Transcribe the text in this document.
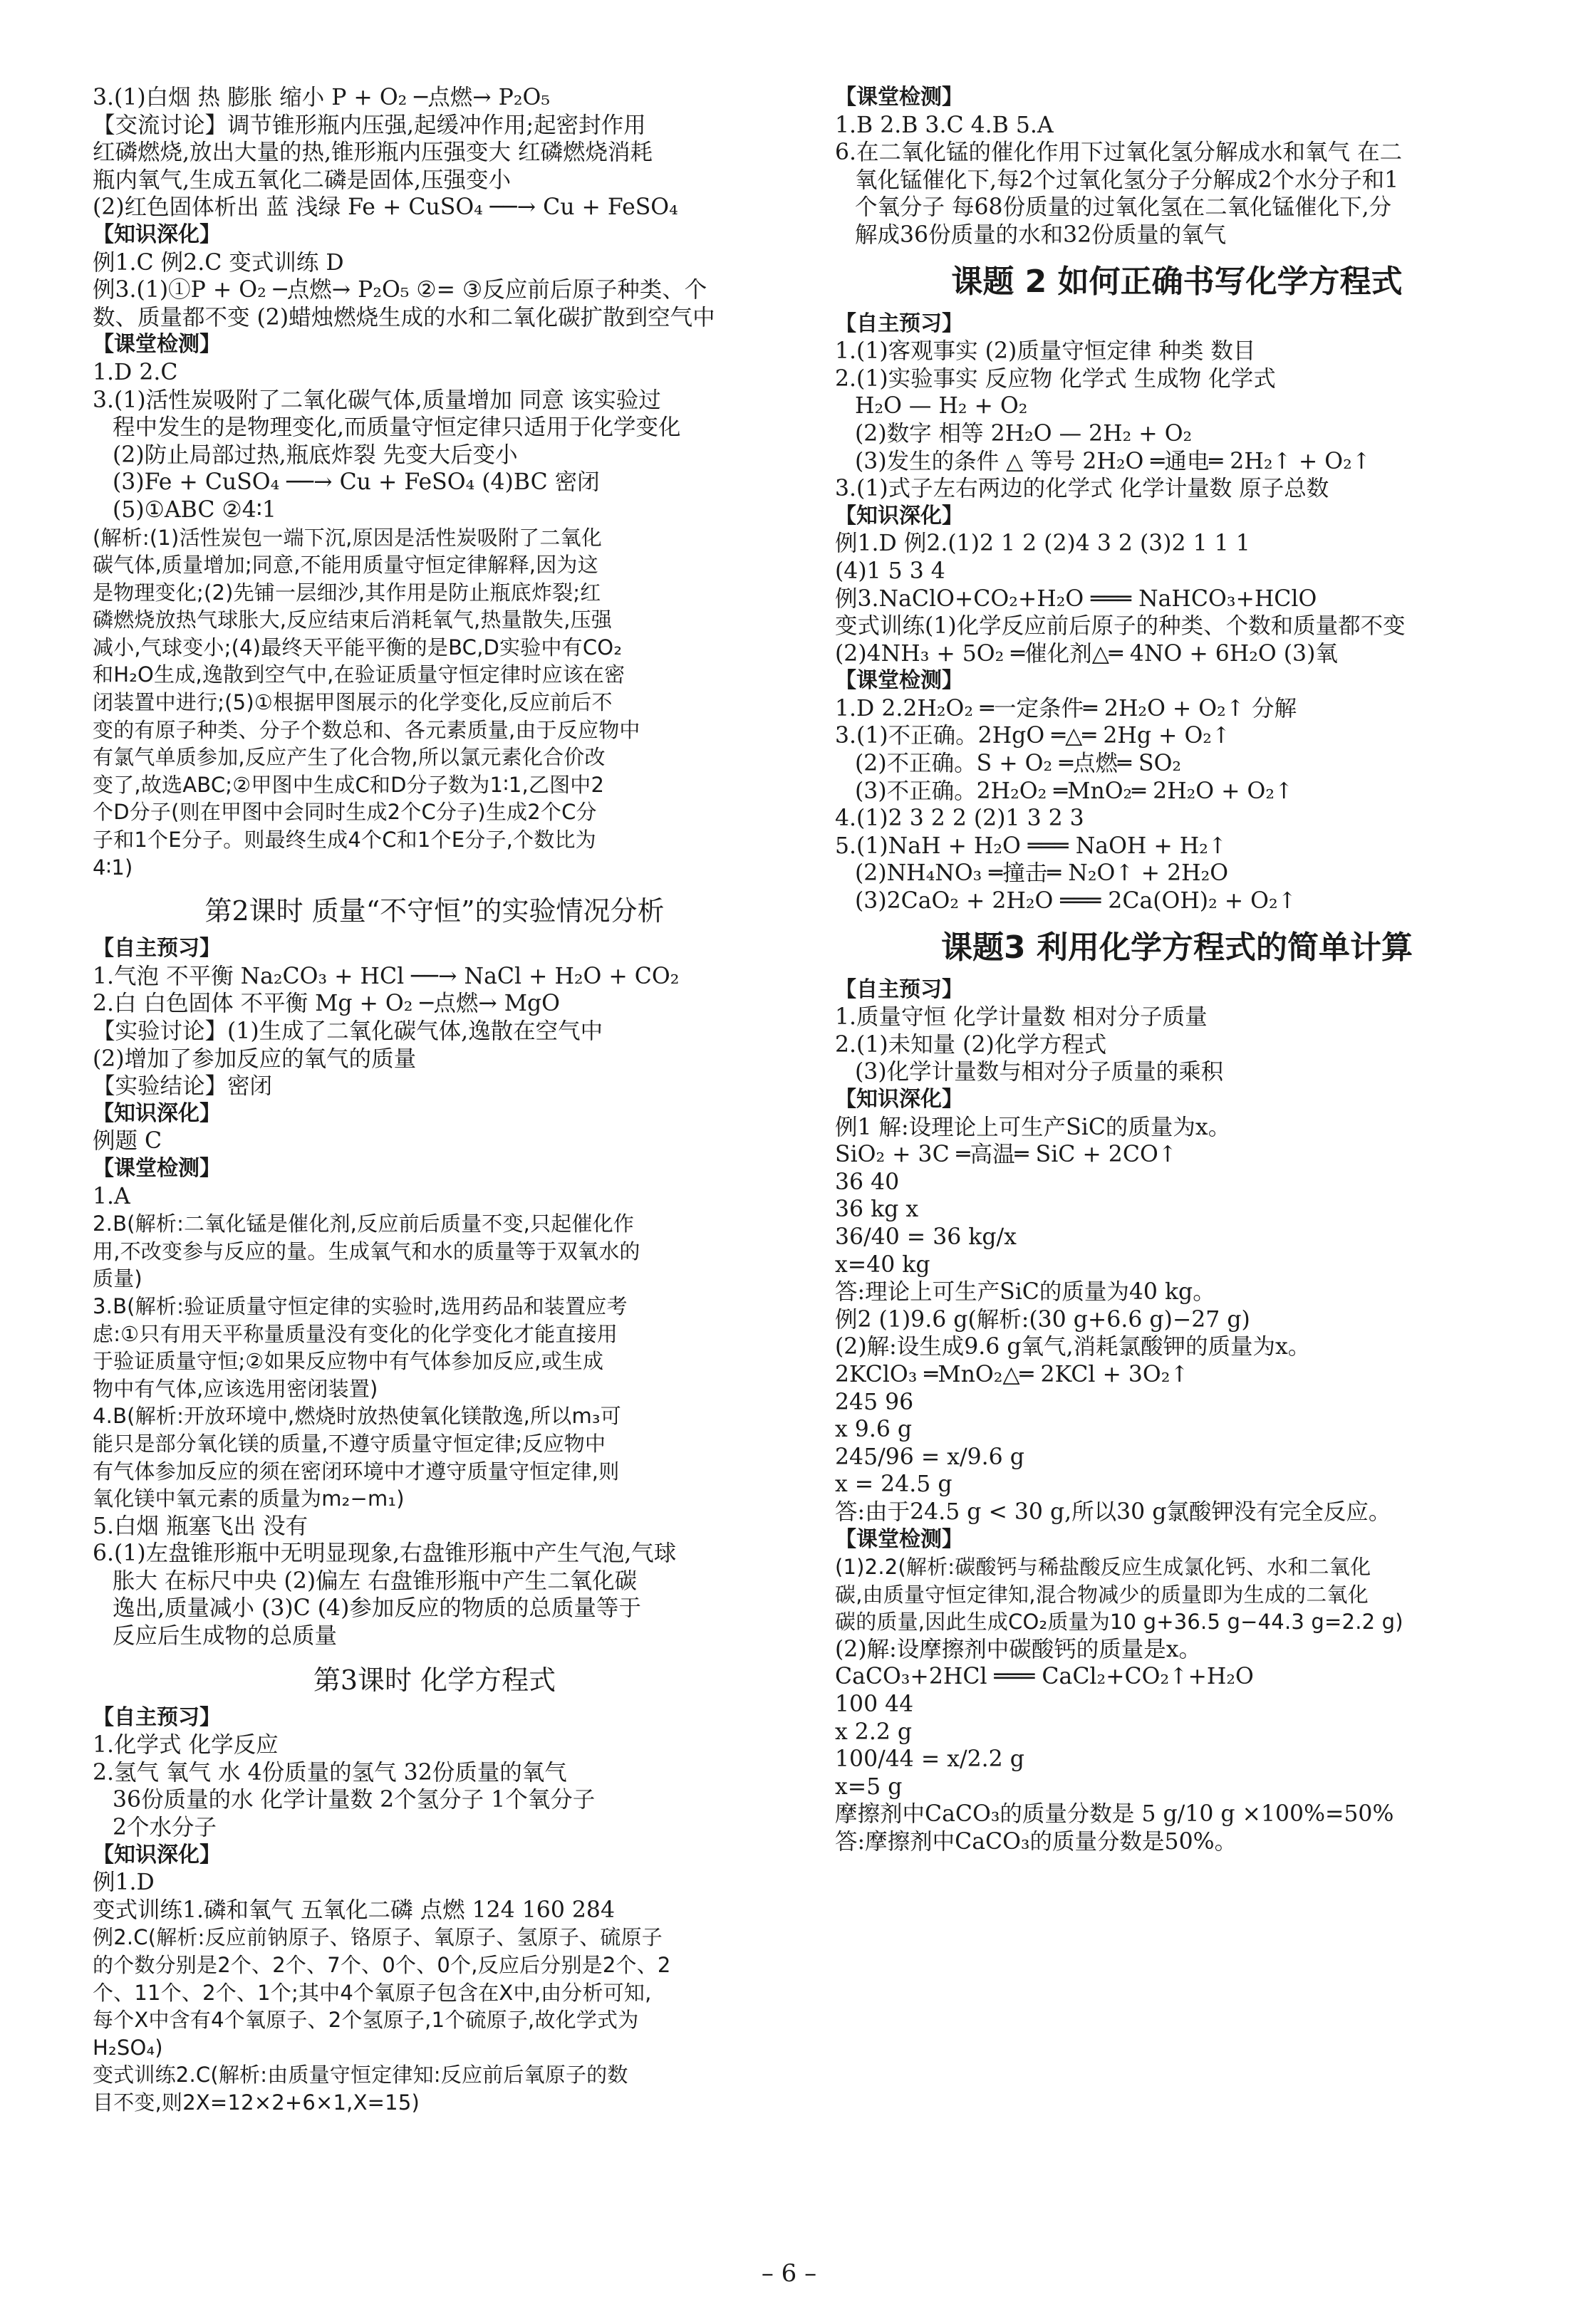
3.(1)白烟 热 膨胀 缩小 P + O₂ ─点燃→ P₂O₅
【交流讨论】调节锥形瓶内压强,起缓冲作用;起密封作用
红磷燃烧,放出大量的热,锥形瓶内压强变大 红磷燃烧消耗
瓶内氧气,生成五氧化二磷是固体,压强变小
(2)红色固体析出 蓝 浅绿 Fe + CuSO₄ ──→ Cu + FeSO₄
【知识深化】
例1.C 例2.C 变式训练 D
例3.(1)①P + O₂ ─点燃→ P₂O₅ ②= ③反应前后原子种类、个
数、质量都不变 (2)蜡烛燃烧生成的水和二氧化碳扩散到空气中
【课堂检测】
1.D 2.C
3.(1)活性炭吸附了二氧化碳气体,质量增加 同意 该实验过
程中发生的是物理变化,而质量守恒定律只适用于化学变化
(2)防止局部过热,瓶底炸裂 先变大后变小
(3)Fe + CuSO₄ ──→ Cu + FeSO₄ (4)BC 密闭
(5)①ABC ②4∶1
(解析:(1)活性炭包一端下沉,原因是活性炭吸附了二氧化
碳气体,质量增加;同意,不能用质量守恒定律解释,因为这
是物理变化;(2)先铺一层细沙,其作用是防止瓶底炸裂;红
磷燃烧放热气球胀大,反应结束后消耗氧气,热量散失,压强
减小,气球变小;(4)最终天平能平衡的是BC,D实验中有CO₂
和H₂O生成,逸散到空气中,在验证质量守恒定律时应该在密
闭装置中进行;(5)①根据甲图展示的化学变化,反应前后不
变的有原子种类、分子个数总和、各元素质量,由于反应物中
有氯气单质参加,反应产生了化合物,所以氯元素化合价改
变了,故选ABC;②甲图中生成C和D分子数为1∶1,乙图中2
个D分子(则在甲图中会同时生成2个C分子)生成2个C分
子和1个E分子。则最终生成4个C和1个E分子,个数比为
4∶1)
第2课时 质量“不守恒”的实验情况分析
【自主预习】
1.气泡 不平衡 Na₂CO₃ + HCl ──→ NaCl + H₂O + CO₂
2.白 白色固体 不平衡 Mg + O₂ ─点燃→ MgO
【实验讨论】(1)生成了二氧化碳气体,逸散在空气中
(2)增加了参加反应的氧气的质量
【实验结论】密闭
【知识深化】
例题 C
【课堂检测】
1.A
2.B(解析:二氧化锰是催化剂,反应前后质量不变,只起催化作
用,不改变参与反应的量。生成氧气和水的质量等于双氧水的
质量)
3.B(解析:验证质量守恒定律的实验时,选用药品和装置应考
虑:①只有用天平称量质量没有变化的化学变化才能直接用
于验证质量守恒;②如果反应物中有气体参加反应,或生成
物中有气体,应该选用密闭装置)
4.B(解析:开放环境中,燃烧时放热使氧化镁散逸,所以m₃可
能只是部分氧化镁的质量,不遵守质量守恒定律;反应物中
有气体参加反应的须在密闭环境中才遵守质量守恒定律,则
氧化镁中氧元素的质量为m₂−m₁)
5.白烟 瓶塞飞出 没有
6.(1)左盘锥形瓶中无明显现象,右盘锥形瓶中产生气泡,气球
胀大 在标尺中央 (2)偏左 右盘锥形瓶中产生二氧化碳
逸出,质量减小 (3)C (4)参加反应的物质的总质量等于
反应后生成物的总质量
第3课时 化学方程式
【自主预习】
1.化学式 化学反应
2.氢气 氧气 水 4份质量的氢气 32份质量的氧气
36份质量的水 化学计量数 2个氢分子 1个氧分子
2个水分子
【知识深化】
例1.D
变式训练1.磷和氧气 五氧化二磷 点燃 124 160 284
例2.C(解析:反应前钠原子、铬原子、氧原子、氢原子、硫原子
的个数分别是2个、2个、7个、0个、0个,反应后分别是2个、2
个、11个、2个、1个;其中4个氧原子包含在X中,由分析可知,
每个X中含有4个氧原子、2个氢原子,1个硫原子,故化学式为
H₂SO₄)
变式训练2.C(解析:由质量守恒定律知:反应前后氧原子的数
目不变,则2X=12×2+6×1,X=15)
【课堂检测】
1.B 2.B 3.C 4.B 5.A
6.在二氧化锰的催化作用下过氧化氢分解成水和氧气 在二
氧化锰催化下,每2个过氧化氢分子分解成2个水分子和1
个氧分子 每68份质量的过氧化氢在二氧化锰催化下,分
解成36份质量的水和32份质量的氧气
课题 2 如何正确书写化学方程式
【自主预习】
1.(1)客观事实 (2)质量守恒定律 种类 数目
2.(1)实验事实 反应物 化学式 生成物 化学式
H₂O — H₂ + O₂
(2)数字 相等 2H₂O — 2H₂ + O₂
(3)发生的条件 △ 等号 2H₂O ═通电═ 2H₂↑ + O₂↑
3.(1)式子左右两边的化学式 化学计量数 原子总数
【知识深化】
例1.D 例2.(1)2 1 2 (2)4 3 2 (3)2 1 1 1
(4)1 5 3 4
例3.NaClO+CO₂+H₂O ═══ NaHCO₃+HClO
变式训练(1)化学反应前后原子的种类、个数和质量都不变
(2)4NH₃ + 5O₂ ═催化剂△═ 4NO + 6H₂O (3)氧
【课堂检测】
1.D 2.2H₂O₂ ═一定条件═ 2H₂O + O₂↑ 分解
3.(1)不正确。2HgO ═△═ 2Hg + O₂↑
(2)不正确。S + O₂ ═点燃═ SO₂
(3)不正确。2H₂O₂ ═MnO₂═ 2H₂O + O₂↑
4.(1)2 3 2 2 (2)1 3 2 3
5.(1)NaH + H₂O ═══ NaOH + H₂↑
(2)NH₄NO₃ ═撞击═ N₂O↑ + 2H₂O
(3)2CaO₂ + 2H₂O ═══ 2Ca(OH)₂ + O₂↑
课题3 利用化学方程式的简单计算
【自主预习】
1.质量守恒 化学计量数 相对分子质量
2.(1)未知量 (2)化学方程式
(3)化学计量数与相对分子质量的乘积
【知识深化】
例1 解:设理论上可生产SiC的质量为x。
SiO₂ + 3C ═高温═ SiC + 2CO↑
36 40
36 kg x
36/40 = 36 kg/x
x=40 kg
答:理论上可生产SiC的质量为40 kg。
例2 (1)9.6 g(解析:(30 g+6.6 g)−27 g)
(2)解:设生成9.6 g氧气,消耗氯酸钾的质量为x。
2KClO₃ ═MnO₂△═ 2KCl + 3O₂↑
245 96
x 9.6 g
245/96 = x/9.6 g
x = 24.5 g
答:由于24.5 g < 30 g,所以30 g氯酸钾没有完全反应。
【课堂检测】
(1)2.2(解析:碳酸钙与稀盐酸反应生成氯化钙、水和二氧化
碳,由质量守恒定律知,混合物减少的质量即为生成的二氧化
碳的质量,因此生成CO₂质量为10 g+36.5 g−44.3 g=2.2 g)
(2)解:设摩擦剂中碳酸钙的质量是x。
CaCO₃+2HCl ═══ CaCl₂+CO₂↑+H₂O
100 44
x 2.2 g
100/44 = x/2.2 g
x=5 g
摩擦剂中CaCO₃的质量分数是 5 g/10 g ×100%=50%
答:摩擦剂中CaCO₃的质量分数是50%。
– 6 –
